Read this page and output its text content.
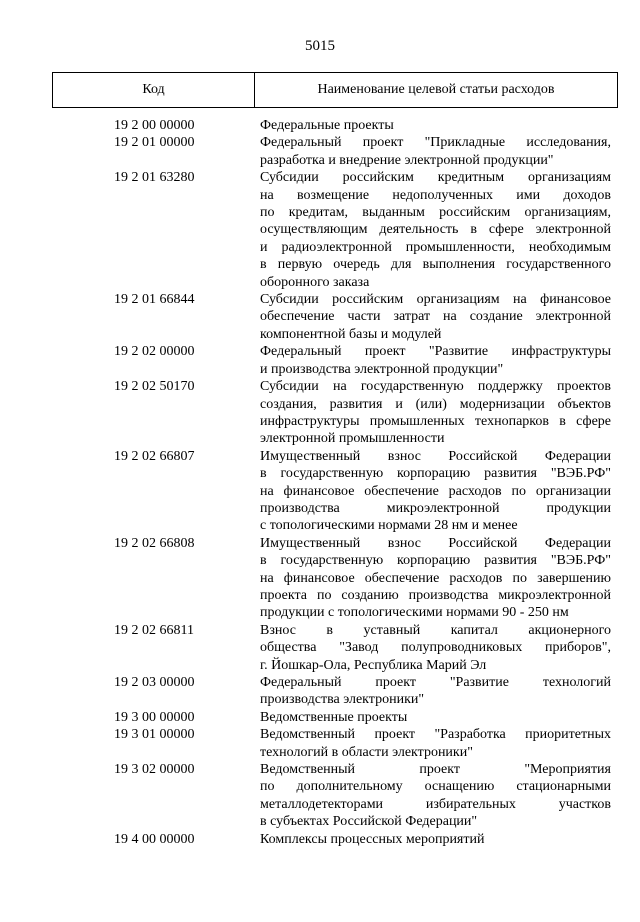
5015
Код	Наименование целевой статьи расходов
19 2 00 00000	Федеральные проекты
19 2 01 00000	Федеральный проект "Прикладные исследования,
разработка и внедрение электронной продукции"
19 2 01 63280	Субсидии российским кредитным организациям
на возмещение недополученных ими доходов
по кредитам, выданным российским организациям,
осуществляющим деятельность в сфере электронной
и радиоэлектронной промышленности, необходимым
в первую очередь для выполнения государственного
оборонного заказа
19 2 01 66844	Субсидии российским организациям на финансовое
обеспечение части затрат на создание электронной
компонентной базы и модулей
19 2 02 00000	Федеральный проект "Развитие инфраструктуры
и производства электронной продукции"
19 2 02 50170	Субсидии на государственную поддержку проектов
создания, развития и (или) модернизации объектов
инфраструктуры промышленных технопарков в сфере
электронной промышленности
19 2 02 66807	Имущественный взнос Российской Федерации
в государственную корпорацию развития "ВЭБ.РФ"
на финансовое обеспечение расходов по организации
производства микроэлектронной продукции
с топологическими нормами 28 нм и менее
19 2 02 66808	Имущественный взнос Российской Федерации
в государственную корпорацию развития "ВЭБ.РФ"
на финансовое обеспечение расходов по завершению
проекта по созданию производства микроэлектронной
продукции с топологическими нормами 90 - 250 нм
19 2 02 66811	Взнос в уставный капитал акционерного
общества "Завод полупроводниковых приборов",
г. Йошкар-Ола, Республика Марий Эл
19 2 03 00000	Федеральный проект "Развитие технологий
производства электроники"
19 3 00 00000	Ведомственные проекты
19 3 01 00000	Ведомственный проект "Разработка приоритетных
технологий в области электроники"
19 3 02 00000	Ведомственный проект "Мероприятия
по дополнительному оснащению стационарными
металлодетекторами избирательных участков
в субъектах Российской Федерации"
19 4 00 00000	Комплексы процессных мероприятий
